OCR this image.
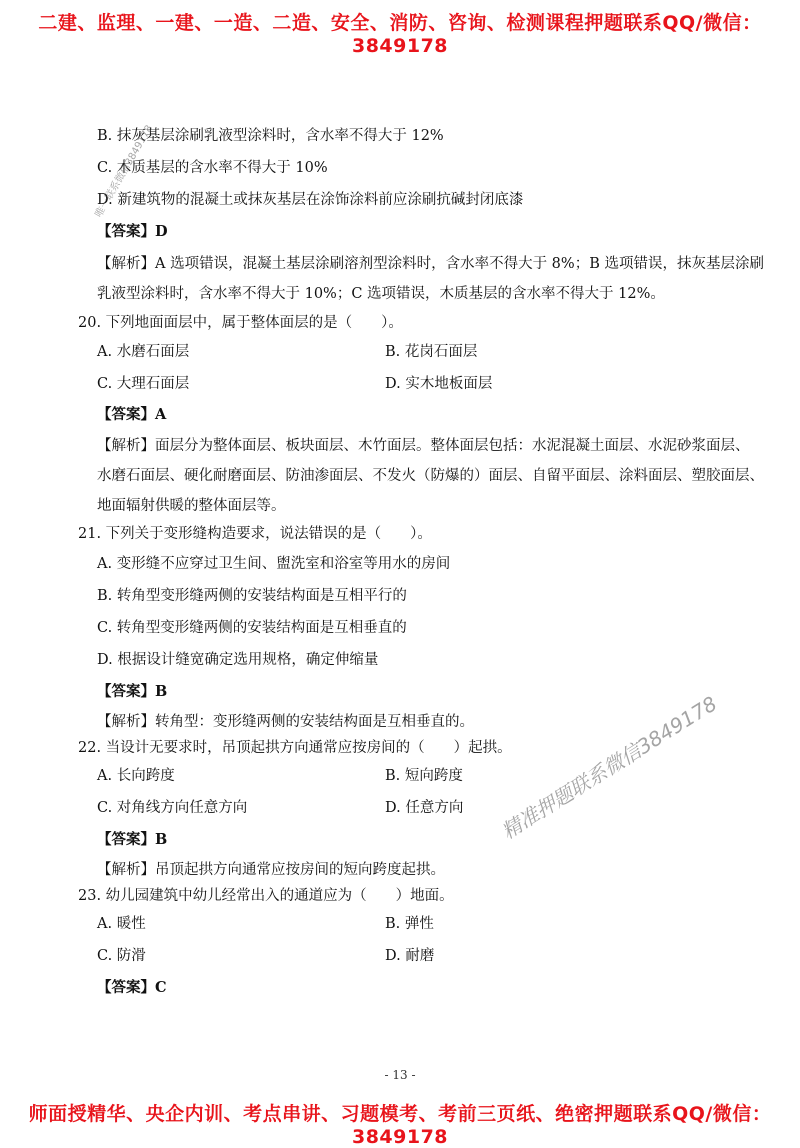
二建、监理、一建、一造、二造、安全、消防、咨询、检测课程押题联系QQ/微信：3849178
B. 抹灰基层涂刷乳液型涂料时，含水率不得大于 12%
C. 木质基层的含水率不得大于 10%
D. 新建筑物的混凝土或抹灰基层在涂饰涂料前应涂刷抗碱封闭底漆
【答案】D
【解析】A 选项错误，混凝土基层涂刷溶剂型涂料时，含水率不得大于 8%；B 选项错误，抹灰基层涂刷
乳液型涂料时，含水率不得大于 10%；C 选项错误，木质基层的含水率不得大于 12%。
20. 下列地面面层中，属于整体面层的是（　　）。
A. 水磨石面层	B. 花岗石面层
C. 大理石面层	D. 实木地板面层
【答案】A
【解析】面层分为整体面层、板块面层、木竹面层。整体面层包括：水泥混凝土面层、水泥砂浆面层、
水磨石面层、硬化耐磨面层、防油渗面层、不发火（防爆的）面层、自留平面层、涂料面层、塑胶面层、
地面辐射供暖的整体面层等。
21. 下列关于变形缝构造要求，说法错误的是（　　）。
A. 变形缝不应穿过卫生间、盥洗室和浴室等用水的房间
B. 转角型变形缝两侧的安装结构面是互相平行的
C. 转角型变形缝两侧的安装结构面是互相垂直的
D. 根据设计缝宽确定选用规格，确定伸缩量
【答案】B
【解析】转角型：变形缝两侧的安装结构面是互相垂直的。
22. 当设计无要求时，吊顶起拱方向通常应按房间的（　　）起拱。
A. 长向跨度	B. 短向跨度
C. 对角线方向任意方向	D. 任意方向
【答案】B
【解析】吊顶起拱方向通常应按房间的短向跨度起拱。
23. 幼儿园建筑中幼儿经常出入的通道应为（　　）地面。
A. 暖性	B. 弹性
C. 防滑	D. 耐磨
【答案】C
唯一联系微信3849178
精准押题联系微信3849178
- 13 -
师面授精华、央企内训、考点串讲、习题模考、考前三页纸、绝密押题联系QQ/微信：3849178
